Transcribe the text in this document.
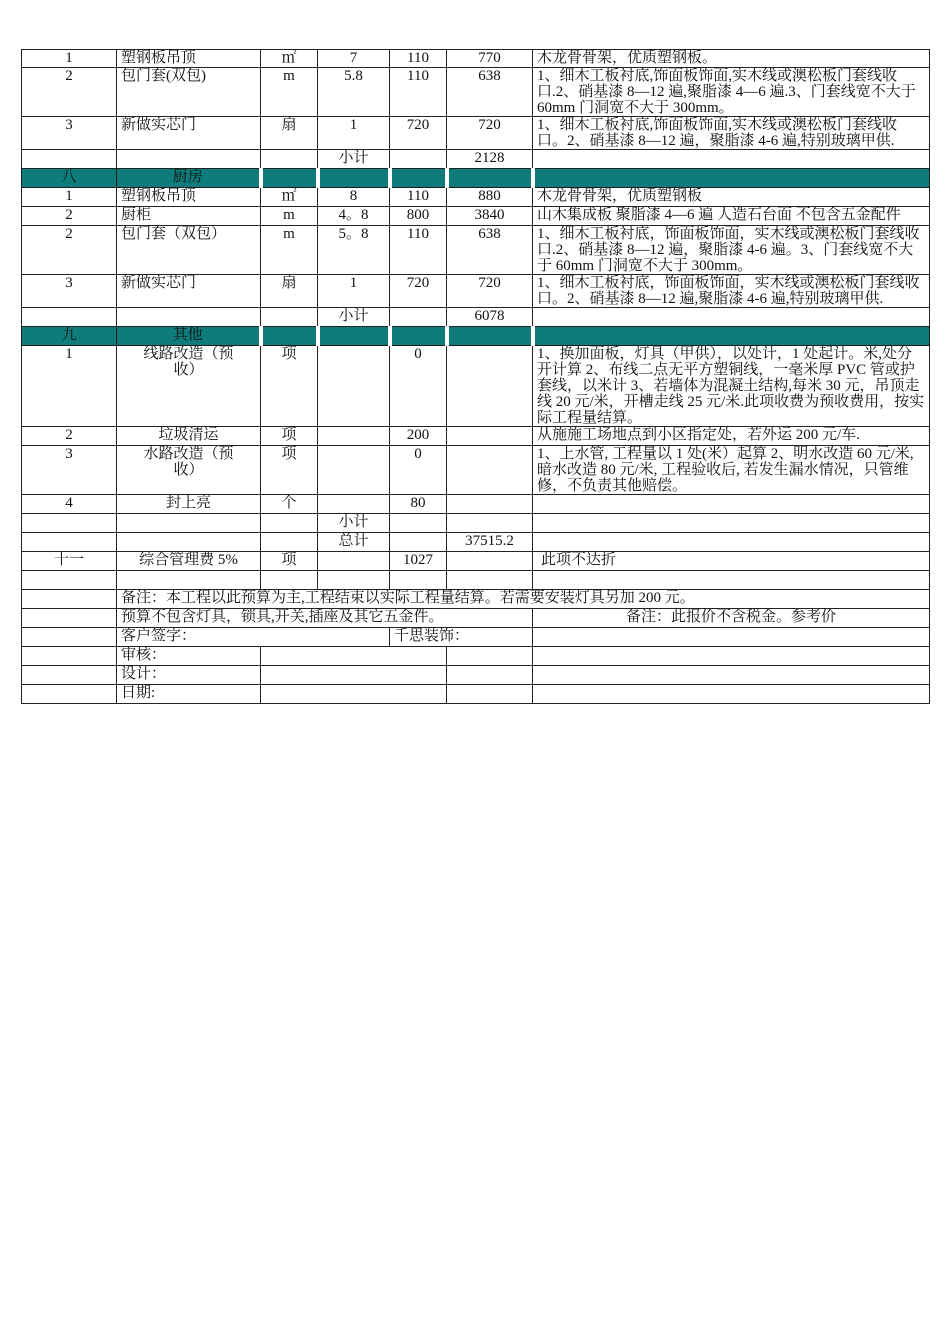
1	塑钢板吊顶	㎡	7	110	770	木龙骨骨架，优质塑钢板。
2	包门套(双包)	m	5.8	110	638	1、细木工板衬底,饰面板饰面,实木线或澳松板门套线收口.2、硝基漆 8—12 遍,聚脂漆 4—6 遍.3、门套线宽不大于 60mm 门洞宽不大于 300mm。
3	新做实芯门	扇	1	720	720	1、细木工板衬底,饰面板饰面,实木线或澳松板门套线收口。2、硝基漆 8—12 遍，聚脂漆 4-6 遍,特别玻璃甲供.
			小计		2128	
八	厨房					
1	塑钢板吊顶	㎡	8	110	880	木龙骨骨架，优质塑钢板
2	厨柜	m	4。8	800	3840	山木集成板 聚脂漆 4—6 遍 人造石台面 不包含五金配件
2	包门套（双包）	m	5。8	110	638	1、细木工板衬底，饰面板饰面，实木线或澳松板门套线收口.2、硝基漆 8—12 遍，聚脂漆 4-6 遍。3、门套线宽不大于 60mm 门洞宽不大于 300mm。
3	新做实芯门	扇	1	720	720	1、细木工板衬底，饰面板饰面，实木线或澳松板门套线收口。2、硝基漆 8—12 遍,聚脂漆 4-6 遍,特别玻璃甲供.
			小计		6078	
九	其他					
1	线路改造（预收）	项		0		1、换加面板，灯具（甲供），以处计，1 处起计。米,处分开计算 2、布线二点无平方塑铜线，一毫米厚 PVC 管或护套线，以米计 3、若墙体为混凝土结构,每米 30 元，吊顶走线 20 元/米，开槽走线 25 元/米.此项收费为预收费用，按实际工程量结算。
2	垃圾清运	项		200		从施施工场地点到小区指定处，若外运 200 元/车.
3	水路改造（预收）	项		0		1、上水管, 工程量以 1 处(米）起算 2、明水改造 60 元/米, 暗水改造 80 元/米, 工程验收后, 若发生漏水情况，只管维修，不负责其他赔偿。
4	封上亮	个		80		
			小计			
			总计		37515.2	
十一	综合管理费 5%	项		1027		此项不达折

	备注：本工程以此预算为主,工程结束以实际工程量结算。若需要安装灯具另加 200 元。					
	预算不包含灯具，锁具,开关,插座及其它五金件。					备注：此报价不含税金。参考价
	客户签字：			千思装饰：		
	审核：					
	设计：					
	日期:					
